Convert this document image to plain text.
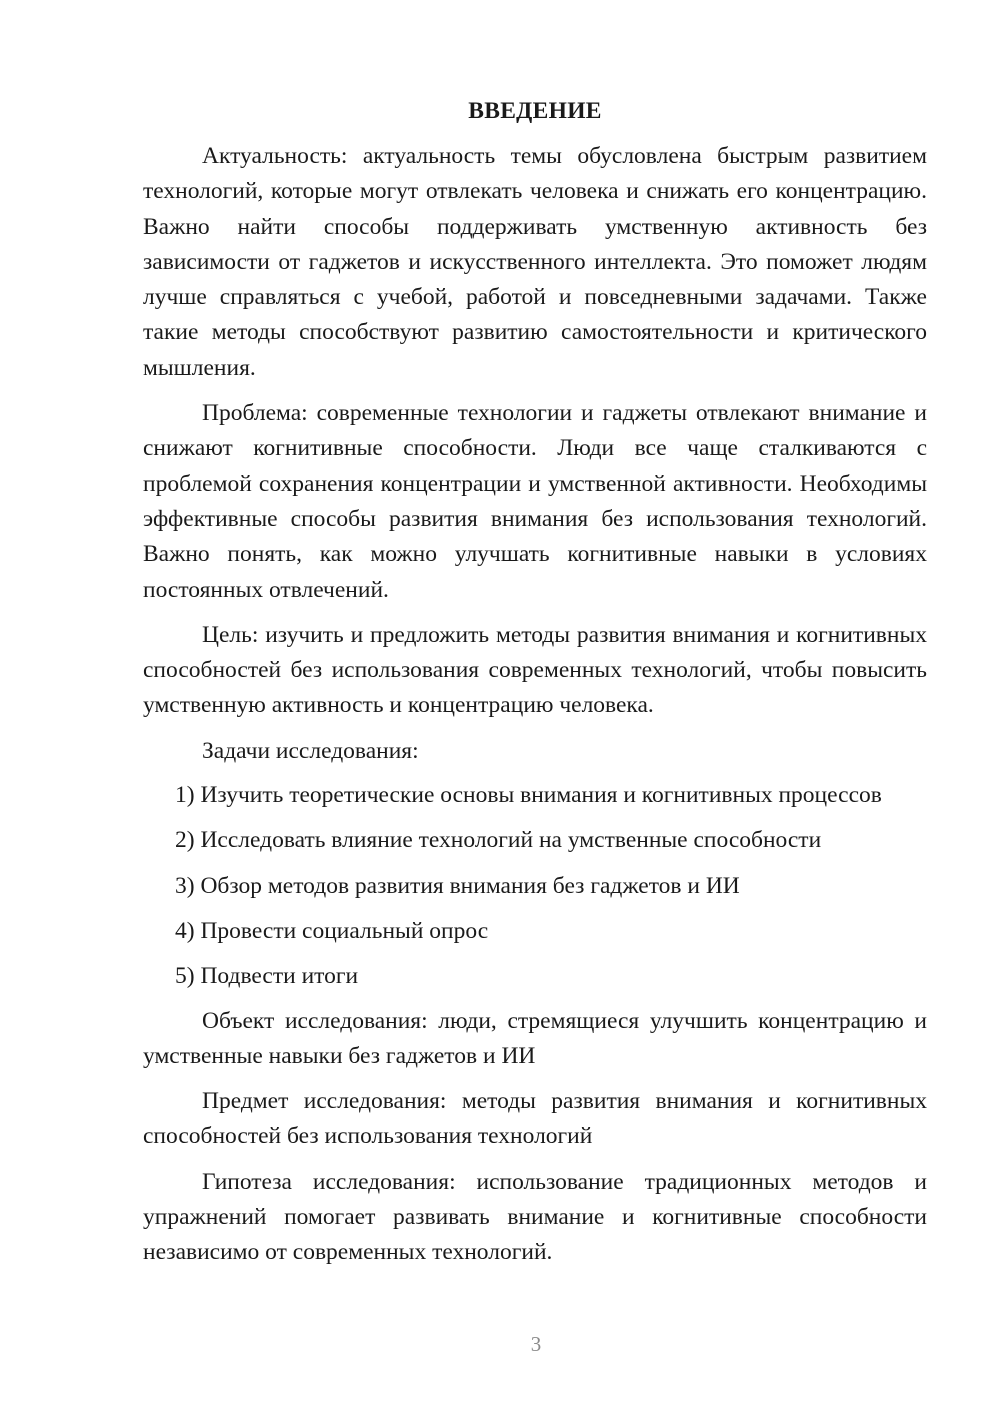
ВВЕДЕНИЕ

Актуальность: актуальность темы обусловлена быстрым развитием технологий, которые могут отвлекать человека и снижать его концентрацию. Важно найти способы поддерживать умственную активность без зависимости от гаджетов и искусственного интеллекта. Это поможет людям лучше справляться с учебой, работой и повседневными задачами. Также такие методы способствуют развитию самостоятельности и критического мышления.

Проблема: современные технологии и гаджеты отвлекают внимание и снижают когнитивные способности. Люди все чаще сталкиваются с проблемой сохранения концентрации и умственной активности. Необходимы эффективные способы развития внимания без использования технологий. Важно понять, как можно улучшать когнитивные навыки в условиях постоянных отвлечений.

Цель: изучить и предложить методы развития внимания и когнитивных способностей без использования современных технологий, чтобы повысить умственную активность и концентрацию человека.

Задачи исследования:

1) Изучить теоретические основы внимания и когнитивных процессов
2) Исследовать влияние технологий на умственные способности
3) Обзор методов развития внимания без гаджетов и ИИ
4) Провести социальный опрос
5) Подвести итоги

Объект исследования: люди, стремящиеся улучшить концентрацию и умственные навыки без гаджетов и ИИ

Предмет исследования: методы развития внимания и когнитивных способностей без использования технологий

Гипотеза исследования: использование традиционных методов и упражнений помогает развивать внимание и когнитивные способности независимо от современных технологий.

3
